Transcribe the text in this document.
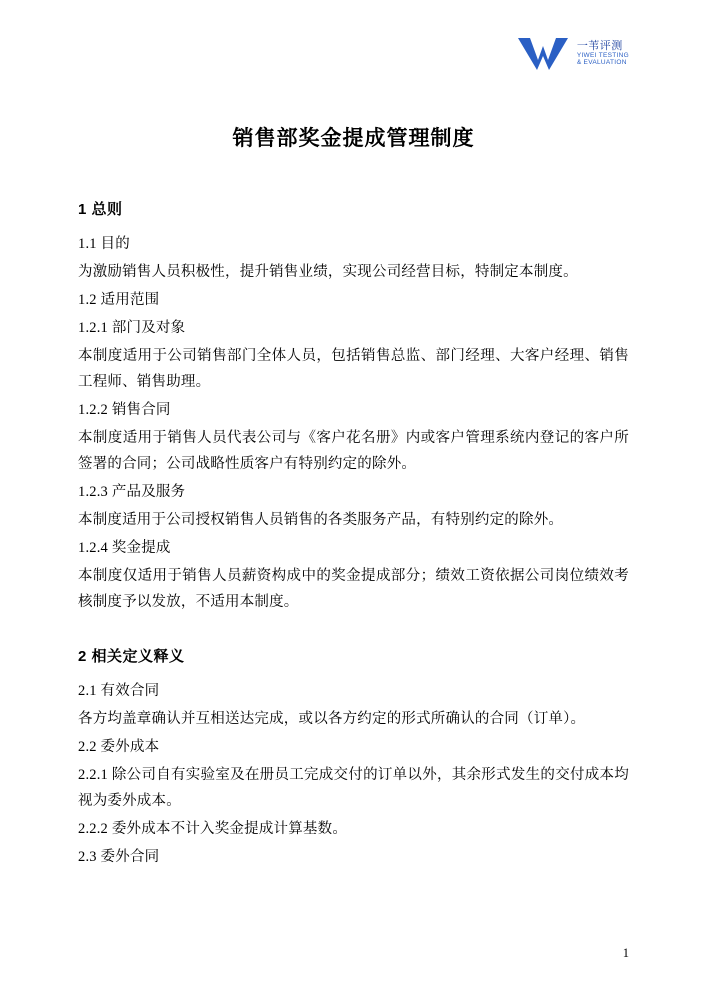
一苇评测
YIWEI TESTING
& EVALUATION
销售部奖金提成管理制度
1 总则

1.1 目的

为激励销售人员积极性，提升销售业绩，实现公司经营目标，特制定本制度。

1.2 适用范围

1.2.1 部门及对象

本制度适用于公司销售部门全体人员，包括销售总监、部门经理、大客户经理、销售工程师、销售助理。

1.2.2 销售合同

本制度适用于销售人员代表公司与《客户花名册》内或客户管理系统内登记的客户所签署的合同；公司战略性质客户有特别约定的除外。

1.2.3 产品及服务

本制度适用于公司授权销售人员销售的各类服务产品，有特别约定的除外。

1.2.4 奖金提成

本制度仅适用于销售人员薪资构成中的奖金提成部分；绩效工资依据公司岗位绩效考核制度予以发放，不适用本制度。

2 相关定义释义

2.1 有效合同

各方均盖章确认并互相送达完成，或以各方约定的形式所确认的合同（订单）。

2.2 委外成本

2.2.1 除公司自有实验室及在册员工完成交付的订单以外，其余形式发生的交付成本均视为委外成本。

2.2.2 委外成本不计入奖金提成计算基数。

2.3 委外合同

1
